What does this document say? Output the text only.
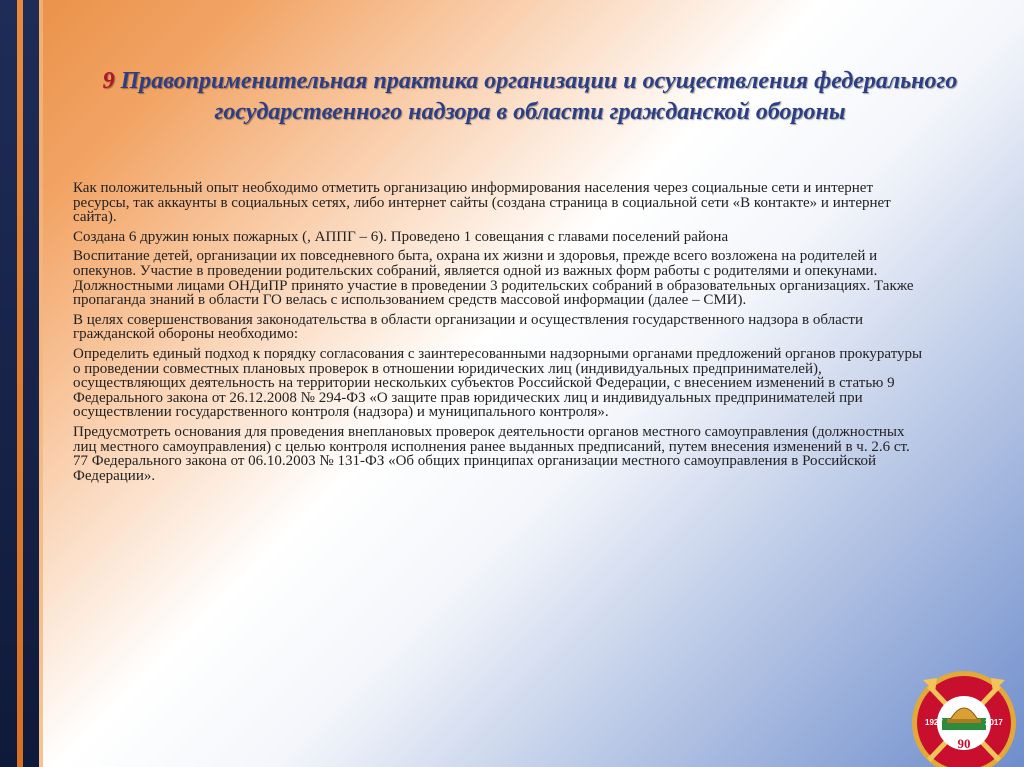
9 Правоприменительная практика организации и осуществления федерального государственного надзора в области гражданской обороны

Как положительный опыт необходимо отметить организацию информирования населения через социальные сети и интернет ресурсы, так аккаунты в социальных сетях, либо интернет сайты (создана страница в социальной сети «В контакте» и интернет сайта).

Создана 6 дружин юных пожарных (, АППГ – 6). Проведено 1 совещания с главами поселений района

Воспитание детей, организации их повседневного быта, охрана их жизни и здоровья, прежде всего возложена на родителей и опекунов. Участие в проведении родительских собраний, является одной из важных форм работы с родителями и опекунами. Должностными лицами ОНДиПР принято участие в проведении 3 родительских собраний в образовательных организациях. Также пропаганда знаний в области ГО велась с использованием средств массовой информации (далее – СМИ).

В целях совершенствования законодательства в области организации и осуществления государственного надзора в области гражданской обороны необходимо:

Определить единый подход к порядку согласования с заинтересованными надзорными органами предложений органов прокуратуры о проведении совместных плановых проверок в отношении юридических лиц (индивидуальных предпринимателей), осуществляющих деятельность на территории нескольких субъектов Российской Федерации, с внесением изменений в статью 9 Федерального закона от 26.12.2008 № 294-ФЗ «О защите прав юридических лиц и индивидуальных предпринимателей при осуществлении государственного контроля (надзора) и муниципального контроля».

Предусмотреть основания для проведения внеплановых проверок деятельности органов местного самоуправления (должностных лиц местного самоуправления) с целью контроля исполнения ранее выданных предписаний, путем внесения изменений в ч. 2.6 ст. 77 Федерального закона от 06.10.2003 № 131-ФЗ «Об общих принципах организации местного самоуправления в Российской Федерации».

1927	2017
90
